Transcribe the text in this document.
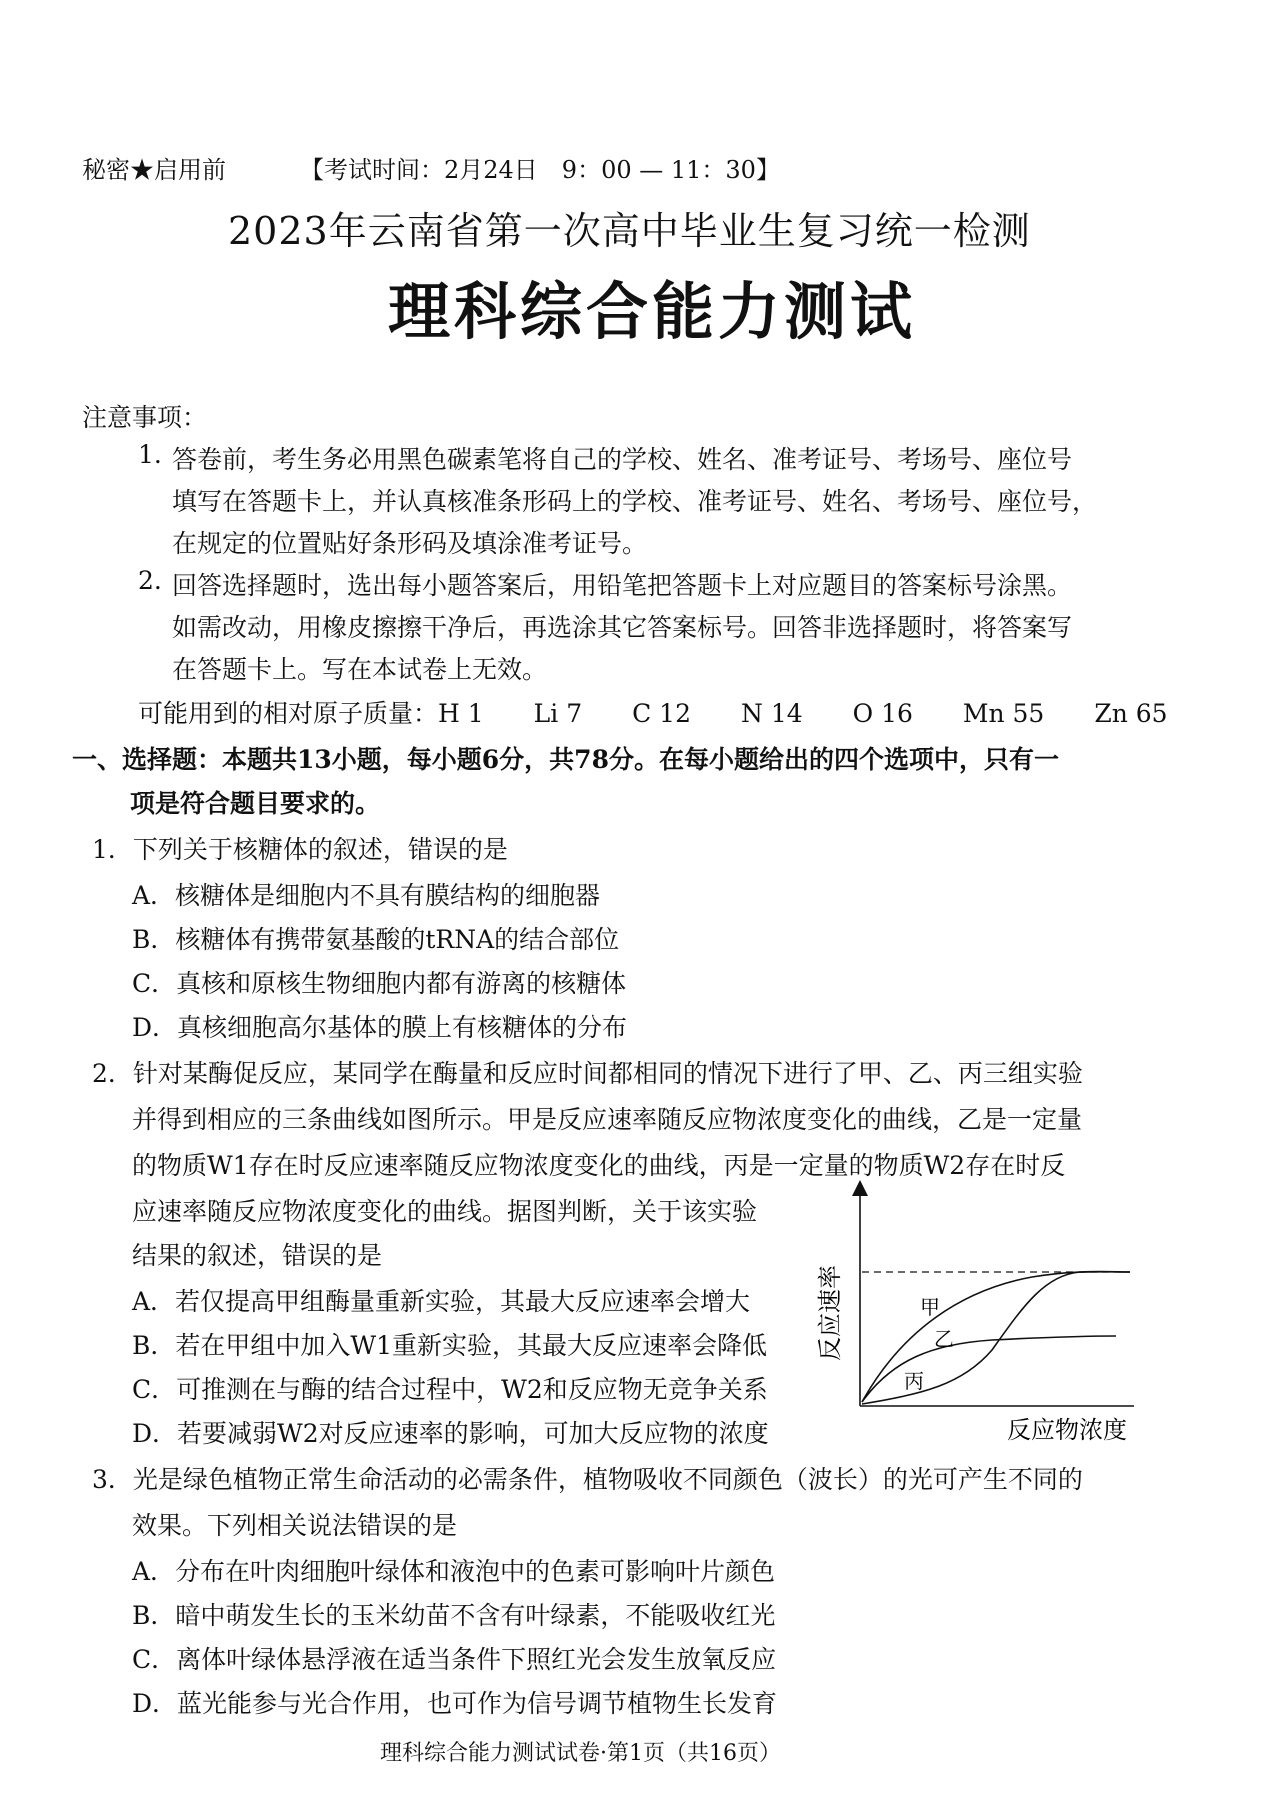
秘密★启用前	【考试时间：2月24日　9：00 — 11：30】
2023年云南省第一次高中毕业生复习统一检测
理科综合能力测试
注意事项：
1. 答卷前，考生务必用黑色碳素笔将自己的学校、姓名、准考证号、考场号、座位号
填写在答题卡上，并认真核准条形码上的学校、准考证号、姓名、考场号、座位号，
在规定的位置贴好条形码及填涂准考证号。
2. 回答选择题时，选出每小题答案后，用铅笔把答题卡上对应题目的答案标号涂黑。
如需改动，用橡皮擦擦干净后，再选涂其它答案标号。回答非选择题时，将答案写
在答题卡上。写在本试卷上无效。
可能用到的相对原子质量：H 1　　Li 7　　C 12　　N 14　　O 16　　Mn 55　　Zn 65
一、选择题：本题共13小题，每小题6分，共78分。在每小题给出的四个选项中，只有一
项是符合题目要求的。
1．下列关于核糖体的叙述，错误的是
A．核糖体是细胞内不具有膜结构的细胞器
B．核糖体有携带氨基酸的tRNA的结合部位
C．真核和原核生物细胞内都有游离的核糖体
D．真核细胞高尔基体的膜上有核糖体的分布
2．针对某酶促反应，某同学在酶量和反应时间都相同的情况下进行了甲、乙、丙三组实验
并得到相应的三条曲线如图所示。甲是反应速率随反应物浓度变化的曲线，乙是一定量
的物质W1存在时反应速率随反应物浓度变化的曲线，丙是一定量的物质W2存在时反
应速率随反应物浓度变化的曲线。据图判断，关于该实验
结果的叙述，错误的是
A．若仅提高甲组酶量重新实验，其最大反应速率会增大
B．若在甲组中加入W1重新实验，其最大反应速率会降低
C．可推测在与酶的结合过程中，W2和反应物无竞争关系
D．若要减弱W2对反应速率的影响，可加大反应物的浓度
甲
乙
丙
反应速率
反应物浓度
3．光是绿色植物正常生命活动的必需条件，植物吸收不同颜色（波长）的光可产生不同的
效果。下列相关说法错误的是
A．分布在叶肉细胞叶绿体和液泡中的色素可影响叶片颜色
B．暗中萌发生长的玉米幼苗不含有叶绿素，不能吸收红光
C．离体叶绿体悬浮液在适当条件下照红光会发生放氧反应
D．蓝光能参与光合作用，也可作为信号调节植物生长发育
理科综合能力测试试卷·第1页（共16页）
